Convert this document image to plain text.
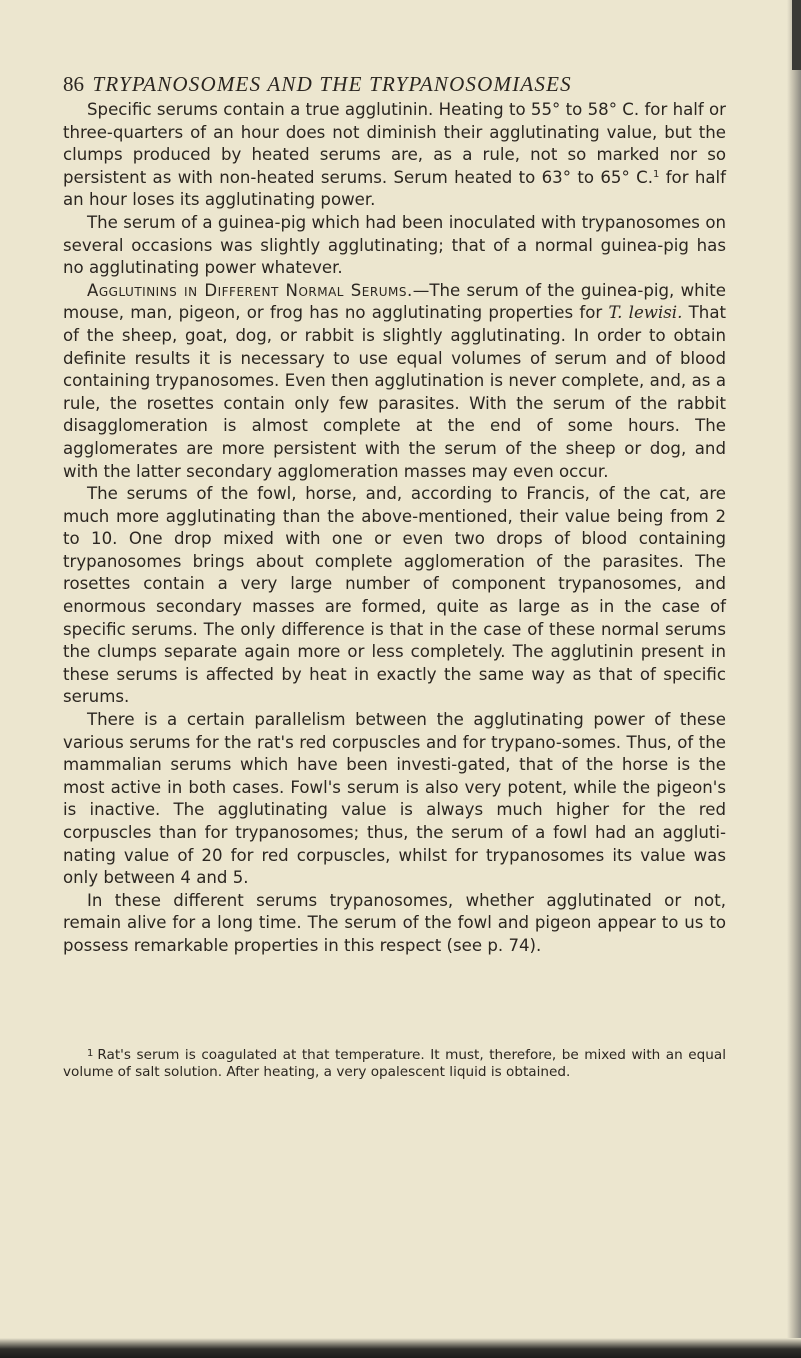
86 TRYPANOSOMES AND THE TRYPANOSOMIASES

Specific serums contain a true agglutinin. Heating to 55° to 58° C. for half or three-quarters of an hour does not diminish their agglutinating value, but the clumps produced by heated serums are, as a rule, not so marked nor so persistent as with non-heated serums. Serum heated to 63° to 65° C.$^1$ for half an hour loses its agglutinating power.

The serum of a guinea-pig which had been inoculated with trypanosomes on several occasions was slightly agglutinating; that of a normal guinea-pig has no agglutinating power whatever.

Agglutinins in Different Normal Serums.—The serum of the guinea-pig, white mouse, man, pigeon, or frog has no agglutinating properties for T. lewisi. That of the sheep, goat, dog, or rabbit is slightly agglutinating. In order to obtain definite results it is necessary to use equal volumes of serum and of blood containing trypanosomes. Even then agglutination is never complete, and, as a rule, the rosettes contain only few parasites. With the serum of the rabbit disagglomeration is almost complete at the end of some hours. The agglomerates are more persistent with the serum of the sheep or dog, and with the latter secondary agglomeration masses may even occur.

The serums of the fowl, horse, and, according to Francis, of the cat, are much more agglutinating than the above-mentioned, their value being from 2 to 10. One drop mixed with one or even two drops of blood containing trypanosomes brings about complete agglomeration of the parasites. The rosettes contain a very large number of component trypanosomes, and enormous secondary masses are formed, quite as large as in the case of specific serums. The only difference is that in the case of these normal serums the clumps separate again more or less completely. The agglutinin present in these serums is affected by heat in exactly the same way as that of specific serums.

There is a certain parallelism between the agglutinating power of these various serums for the rat's red corpuscles and for trypano-somes. Thus, of the mammalian serums which have been investi-gated, that of the horse is the most active in both cases. Fowl's serum is also very potent, while the pigeon's is inactive. The agglutinating value is always much higher for the red corpuscles than for trypanosomes; thus, the serum of a fowl had an aggluti-nating value of 20 for red corpuscles, whilst for trypanosomes its value was only between 4 and 5.

In these different serums trypanosomes, whether agglutinated or not, remain alive for a long time. The serum of the fowl and pigeon appear to us to possess remarkable properties in this respect (see p. 74).

$^1$ Rat's serum is coagulated at that temperature. It must, therefore, be mixed with an equal volume of salt solution. After heating, a very opalescent liquid is obtained.
